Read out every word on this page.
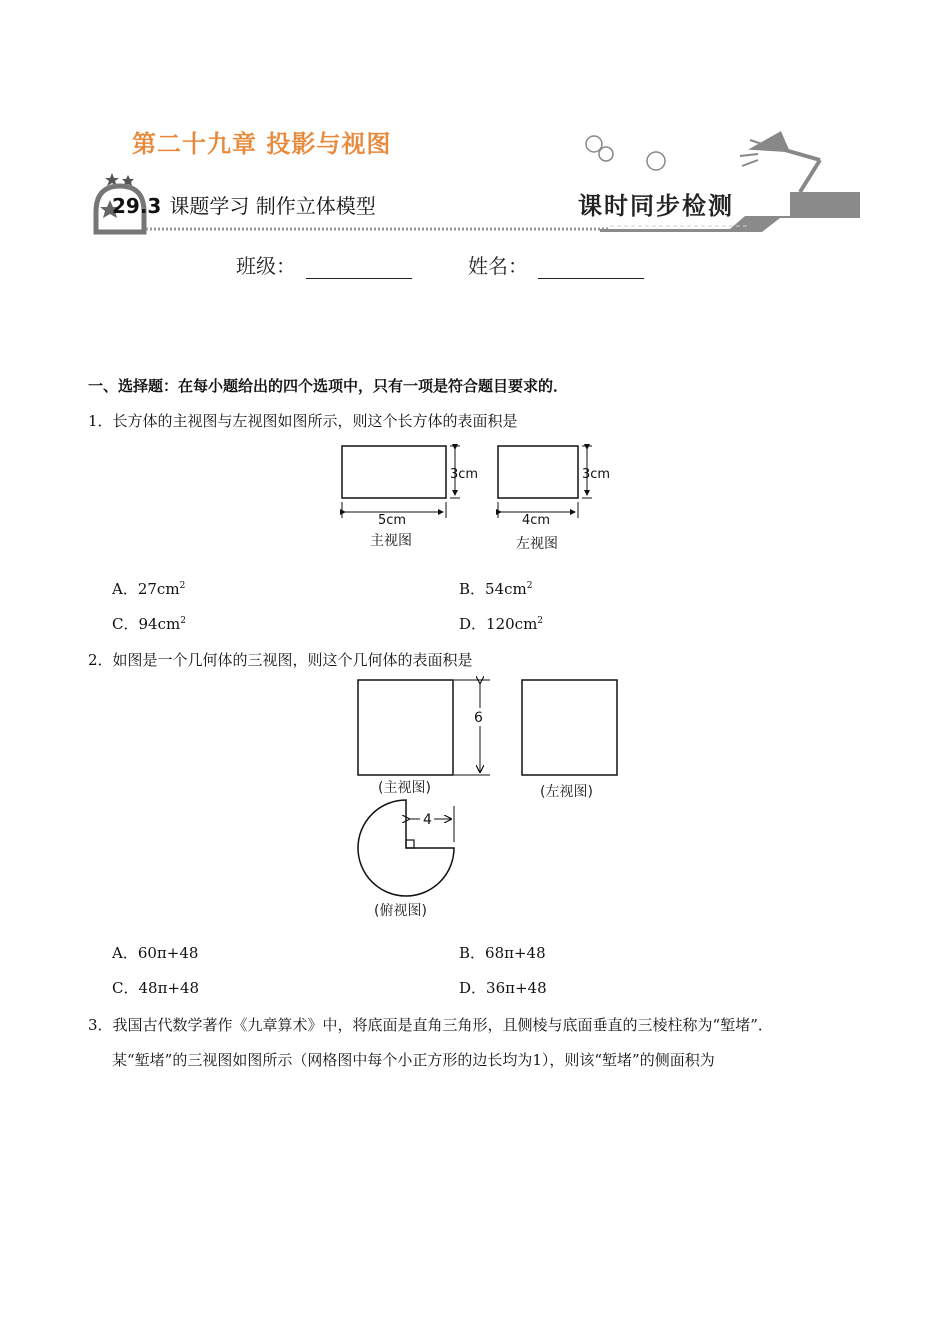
第二十九章 投影与视图
29.3 课题学习 制作立体模型	课时同步检测
班级：	姓名：
一、选择题：在每小题给出的四个选项中，只有一项是符合题目要求的．
1．长方体的主视图与左视图如图所示，则这个长方体的表面积是
3cm
5cm
主视图
3cm
4cm
左视图
A．$27cm^2$	B．$54cm^2$
C．$94cm^2$	D．$120cm^2$
2．如图是一个几何体的三视图，则这个几何体的表面积是
6
(主视图)	(左视图)
4
(俯视图)
A．60π+48	B．68π+48
C．48π+48	D．36π+48
3．我国古代数学著作《九章算术》中，将底面是直角三角形，且侧棱与底面垂直的三棱柱称为“堑堵”．
某“堑堵”的三视图如图所示（网格图中每个小正方形的边长均为1），则该“堑堵”的侧面积为
